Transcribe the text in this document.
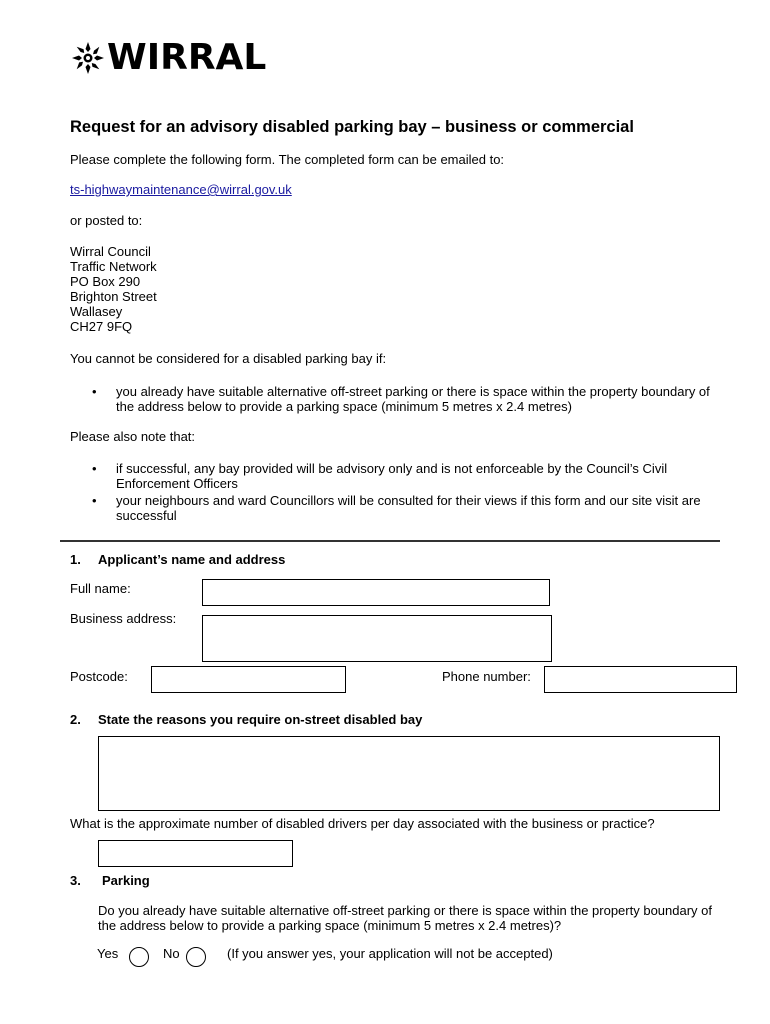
WIRRAL
Request for an advisory disabled parking bay – business or commercial
Please complete the following form. The completed form can be emailed to:
ts-highwaymaintenance@wirral.gov.uk
or posted to:
Wirral Council
Traffic Network
PO Box 290
Brighton Street
Wallasey
CH27 9FQ
You cannot be considered for a disabled parking bay if:
• you already have suitable alternative off-street parking or there is space within the property boundary of the address below to provide a parking space (minimum 5 metres x 2.4 metres)
Please also note that:
• if successful, any bay provided will be advisory only and is not enforceable by the Council’s Civil Enforcement Officers
• your neighbours and ward Councillors will be consulted for their views if this form and our site visit are successful
1. Applicant’s name and address
Full name:
Business address:
Postcode:	Phone number:
2. State the reasons you require on-street disabled bay
What is the approximate number of disabled drivers per day associated with the business or practice?
3. Parking
Do you already have suitable alternative off-street parking or there is space within the property boundary of the address below to provide a parking space (minimum 5 metres x 2.4 metres)?
Yes	No	(If you answer yes, your application will not be accepted)
